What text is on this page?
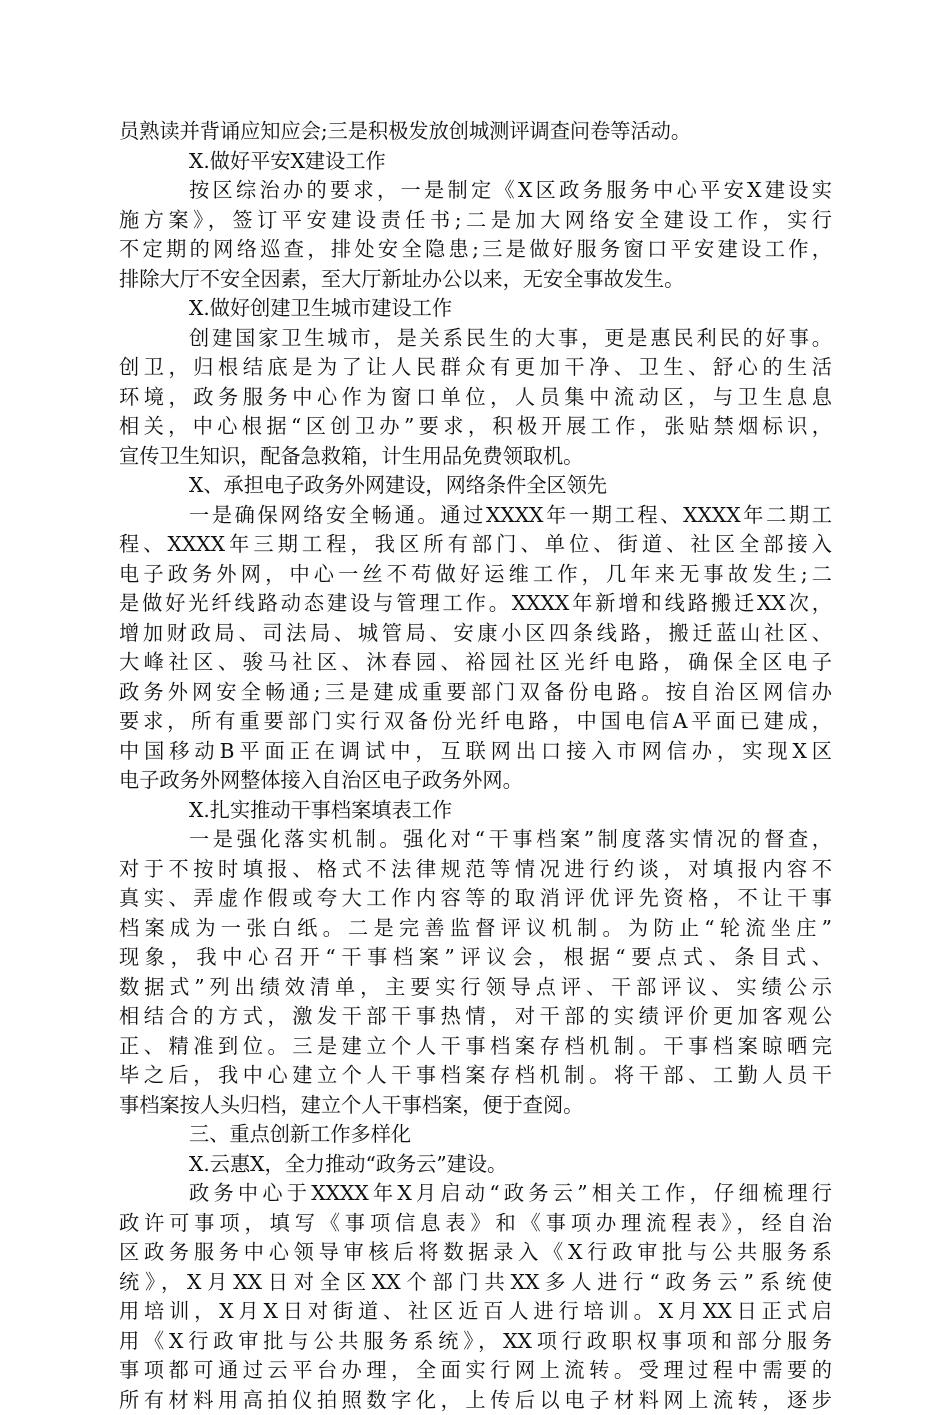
员熟读并背诵应知应会;三是积极发放创城测评调查问卷等活动。
X.做好平安X建设工作
按区综治办的要求，一是制定《X区政务服务中心平安X建设实
施方案》，签订平安建设责任书;二是加大网络安全建设工作，实行
不定期的网络巡查，排处安全隐患;三是做好服务窗口平安建设工作，
排除大厅不安全因素，至大厅新址办公以来，无安全事故发生。
X.做好创建卫生城市建设工作
创建国家卫生城市，是关系民生的大事，更是惠民利民的好事。
创卫，归根结底是为了让人民群众有更加干净、卫生、舒心的生活
环境，政务服务中心作为窗口单位，人员集中流动区，与卫生息息
相关，中心根据“区创卫办”要求，积极开展工作，张贴禁烟标识，
宣传卫生知识，配备急救箱，计生用品免费领取机。
X、承担电子政务外网建设，网络条件全区领先
一是确保网络安全畅通。通过XXXX年一期工程、XXXX年二期工
程、XXXX年三期工程，我区所有部门、单位、街道、社区全部接入
电子政务外网，中心一丝不苟做好运维工作，几年来无事故发生;二
是做好光纤线路动态建设与管理工作。XXXX年新增和线路搬迁XX次，
增加财政局、司法局、城管局、安康小区四条线路，搬迁蓝山社区、
大峰社区、骏马社区、沐春园、裕园社区光纤电路，确保全区电子
政务外网安全畅通;三是建成重要部门双备份电路。按自治区网信办
要求，所有重要部门实行双备份光纤电路，中国电信A平面已建成，
中国移动B平面正在调试中，互联网出口接入市网信办，实现X区
电子政务外网整体接入自治区电子政务外网。
X.扎实推动干事档案填表工作
一是强化落实机制。强化对“干事档案”制度落实情况的督查，
对于不按时填报、格式不法律规范等情况进行约谈，对填报内容不
真实、弄虚作假或夸大工作内容等的取消评优评先资格，不让干事
档案成为一张白纸。二是完善监督评议机制。为防止“轮流坐庄”
现象，我中心召开“干事档案”评议会，根据“要点式、条目式、
数据式”列出绩效清单，主要实行领导点评、干部评议、实绩公示
相结合的方式，激发干部干事热情，对干部的实绩评价更加客观公
正、精准到位。三是建立个人干事档案存档机制。干事档案晾晒完
毕之后，我中心建立个人干事档案存档机制。将干部、工勤人员干
事档案按人头归档，建立个人干事档案，便于查阅。
三、重点创新工作多样化
X.云惠X，全力推动“政务云”建设。
政务中心于XXXX年X月启动“政务云”相关工作，仔细梳理行
政许可事项，填写《事项信息表》和《事项办理流程表》，经自治
区政务服务中心领导审核后将数据录入《X行政审批与公共服务系
统》，X月XX日对全区XX个部门共XX多人进行“政务云”系统使
用培训，X月X日对街道、社区近百人进行培训。X月XX日正式启
用《X行政审批与公共服务系统》，XX项行政职权事项和部分服务
事项都可通过云平台办理，全面实行网上流转。受理过程中需要的
所有材料用高拍仪拍照数字化，上传后以电子材料网上流转，逐步
